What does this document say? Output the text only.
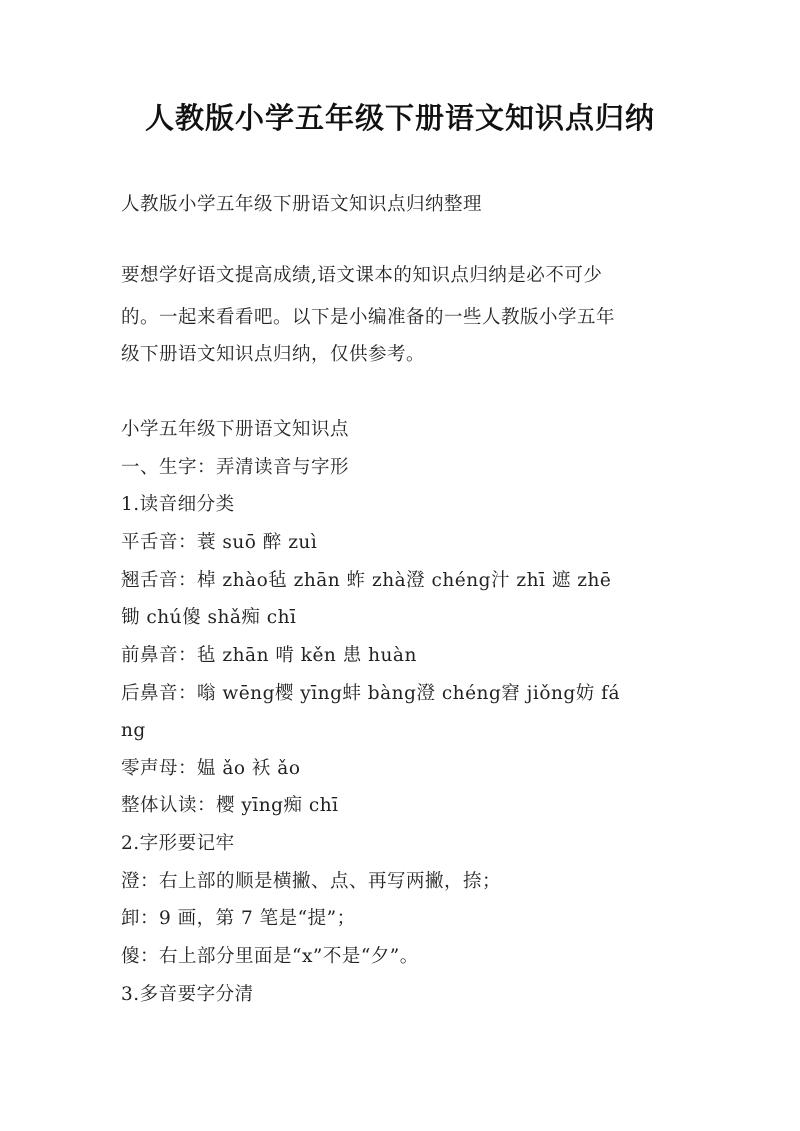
人教版小学五年级下册语文知识点归纳
人教版小学五年级下册语文知识点归纳整理
要想学好语文提高成绩,语文课本的知识点归纳是必不可少
的。一起来看看吧。以下是小编准备的一些人教版小学五年
级下册语文知识点归纳，仅供参考。
小学五年级下册语文知识点
一、生字：弄清读音与字形
1.读音细分类
平舌音：蓑 suō 醉 zuì
翘舌音：棹 zhào毡 zhān 蚱 zhà澄 chéng汁 zhī 遮 zhē
锄 chú傻 shǎ痴 chī
前鼻音：毡 zhān 啃 kěn 患 huàn
后鼻音：嗡 wēng樱 yīng蚌 bàng澄 chéng窘 jiǒng妨 fá
ng
零声母：媪 ǎo 袄 ǎo
整体认读：樱 yīng痴 chī
2.字形要记牢
澄：右上部的顺是横撇、点、再写两撇，捺；
卸：9 画，第 7 笔是“提”；
傻：右上部分里面是“x”不是“夕”。
3.多音要字分清
